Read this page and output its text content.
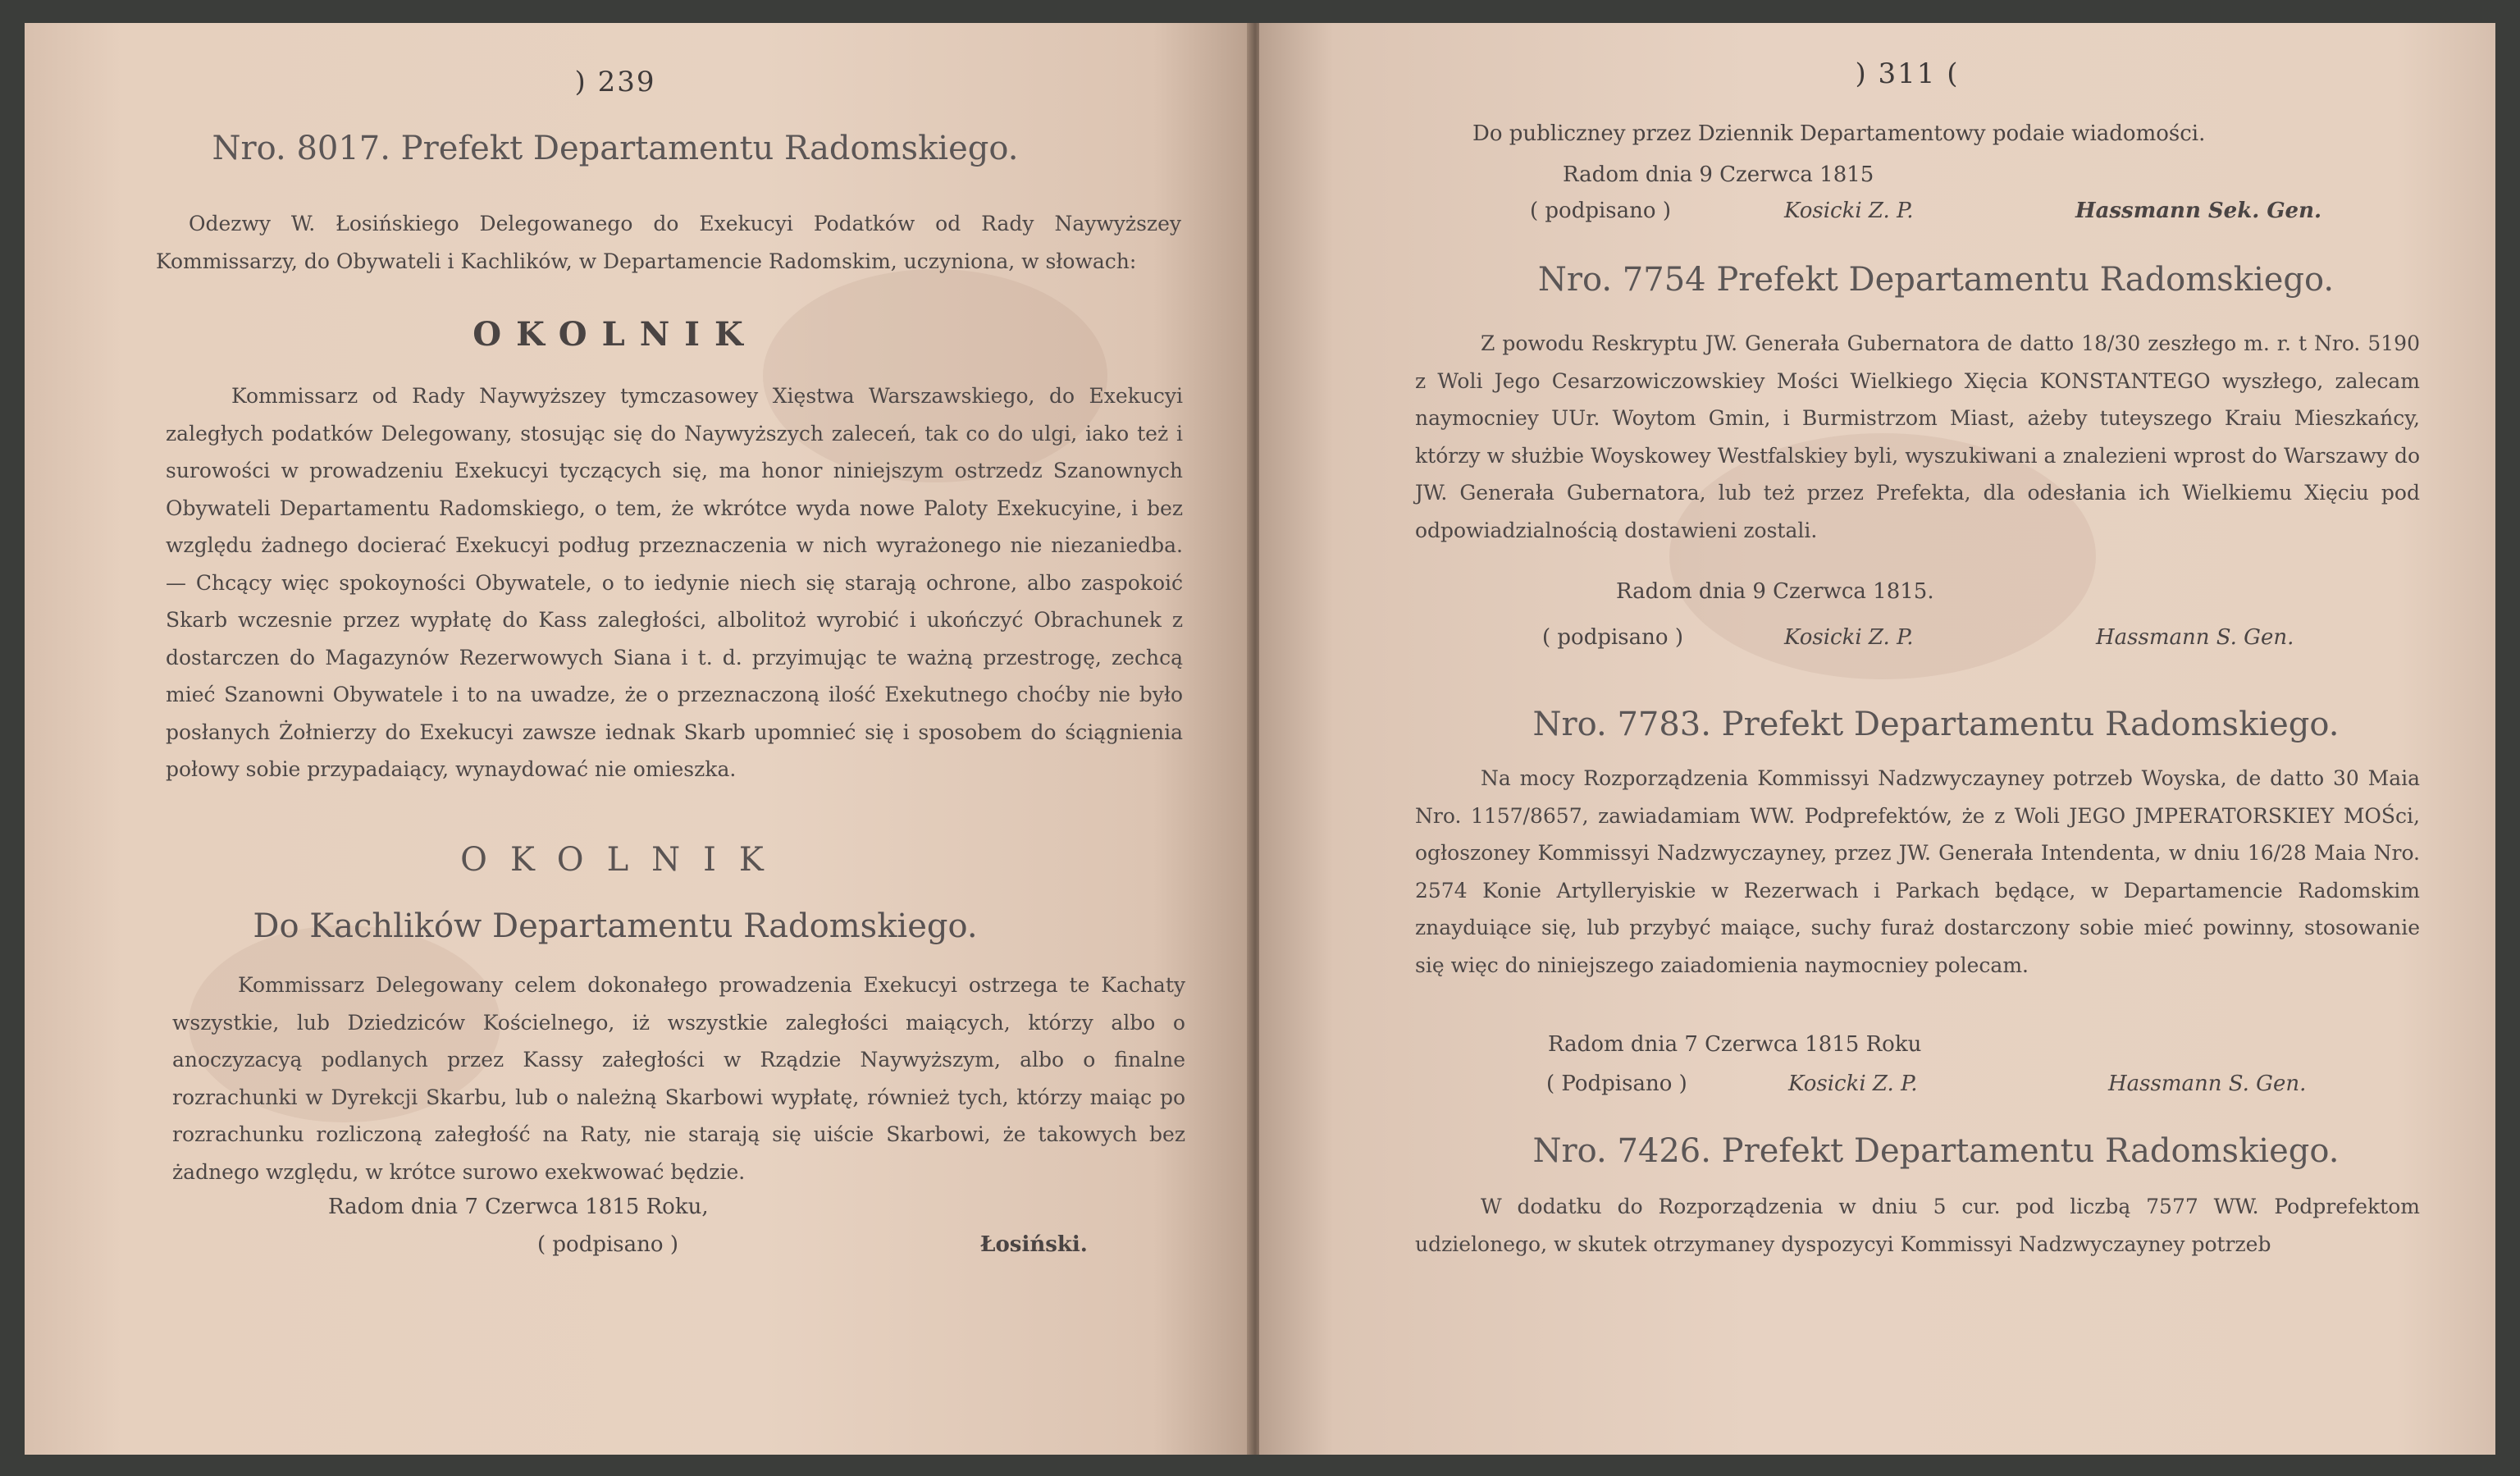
) 239
Nro. 8017. Prefekt Departamentu Radomskiego.

Odezwy W. Łosińskiego Delegowanego do Exekucyi Podatków od Rady Naywyższey Kommissarzy, do Obywateli i Kachlików, w Departamencie Radomskim, uczyniona, w słowach:

OKOLNIK

Kommissarz od Rady Naywyższey tymczasowey Xięstwa Warszawskiego, do Exekucyi zaległych podatków Delegowany, stosując się do Naywyższych zaleceń, tak co do ulgi, iako też i surowości w prowadzeniu Exekucyi tyczących się, ma honor niniejszym ostrzedz Szanownych Obywateli Departamentu Radomskiego, o tem, że wkrótce wyda nowe Paloty Exekucyine, i bez względu żadnego docierać Exekucyi podług przeznaczenia w nich wyrażonego nie niezaniedba. — Chcący więc spokoyności Obywatele, o to iedynie niech się starają ochrone, albo zaspokoić Skarb wczesnie przez wypłatę do Kass zaległości, albolitoż wyrobić i ukończyć Obrachunek z dostarczen do Magazynów Rezerwowych Siana i t. d. przyimując te ważną przestrogę, zechcą mieć Szanowni Obywatele i to na uwadze, że o przeznaczoną ilość Exekutnego choćby nie było posłanych Żołnierzy do Exekucyi zawsze iednak Skarb upomnieć się i sposobem do ściągnienia połowy sobie przypadaiący, wynaydować nie omieszka.

OKOLNIK
Do Kachlików Departamentu Radomskiego.

Kommissarz Delegowany celem dokonałego prowadzenia Exekucyi ostrzega te Kachaty wszystkie, lub Dziedziców Kościelnego, iż wszystkie zaległości maiących, którzy albo o anoczyzacyą podlanych przez Kassy załegłości w Rządzie Naywyższym, albo o finalne rozrachunki w Dyrekcji Skarbu, lub o należną Skarbowi wypłatę, również tych, którzy maiąc po rozrachunku rozliczoną załegłość na Raty, nie starają się uiście Skarbowi, że takowych bez żadnego względu, w krótce surowo exekwować będzie.

Radom dnia 7 Czerwca 1815 Roku,
( podpisano )	Łosiński.
) 311 (
Do publiczney przez Dziennik Departamentowy podaie wiadomości.
Radom dnia 9 Czerwca 1815
( podpisano )	Kosicki Z. P.	Hassmann Sek. Gen.
Nro. 7754 Prefekt Departamentu Radomskiego.

Z powodu Reskryptu JW. Generała Gubernatora de datto 18/30 zeszłego m. r. t Nro. 5190 z Woli Jego Cesarzowiczowskiey Mości Wielkiego Xięcia KONSTANTEGO wyszłego, zalecam naymocniey UUr. Woytom Gmin, i Burmistrzom Miast, ażeby tuteyszego Kraiu Mieszkańcy, którzy w służbie Woyskowey Westfalskiey byli, wyszukiwani a znalezieni wprost do Warszawy do JW. Generała Gubernatora, lub też przez Prefekta, dla odesłania ich Wielkiemu Xięciu pod odpowiadzialnością dostawieni zostali.

Radom dnia 9 Czerwca 1815.
( podpisano )	Kosicki Z. P.	Hassmann S. Gen.
Nro. 7783. Prefekt Departamentu Radomskiego.

Na mocy Rozporządzenia Kommissyi Nadzwyczayney potrzeb Woyska, de datto 30 Maia Nro. 1157/8657, zawiadamiam WW. Podprefektów, że z Woli JEGO JMPERATORSKIEY MOŚci, ogłoszoney Kommissyi Nadzwyczayney, przez JW. Generała Intendenta, w dniu 16/28 Maia Nro. 2574 Konie Artylleryiskie w Rezerwach i Parkach będące, w Departamencie Radomskim znayduiące się, lub przybyć maiące, suchy furaż dostarczony sobie mieć powinny, stosowanie się więc do niniejszego zaiadomienia naymocniey polecam.

Radom dnia 7 Czerwca 1815 Roku
( Podpisano )	Kosicki Z. P.	Hassmann S. Gen.
Nro. 7426. Prefekt Departamentu Radomskiego.

W dodatku do Rozporządzenia w dniu 5 cur. pod liczbą 7577 WW. Podprefektom udzielonego, w skutek otrzymaney dyspozycyi Kommissyi Nadzwyczayney potrzeb
